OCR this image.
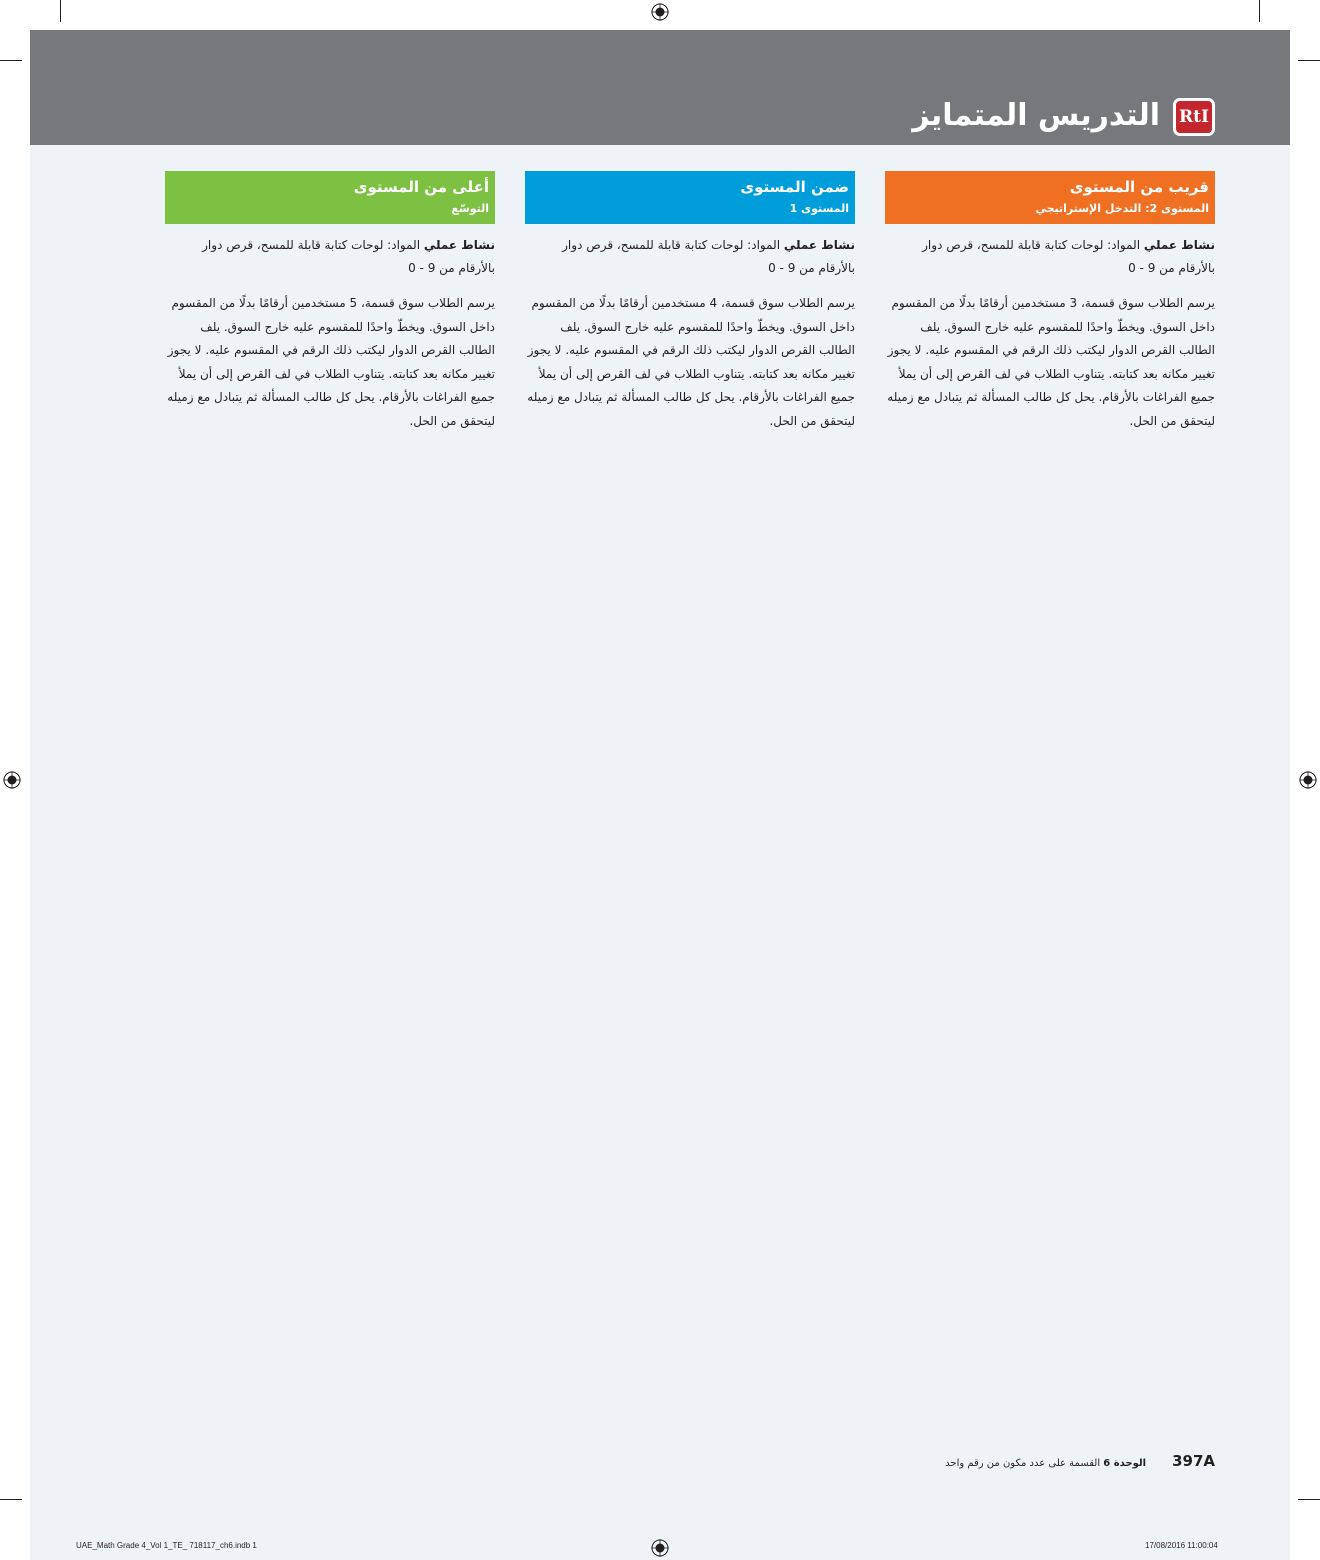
RtI
التدريس المتمايز
قريب من المستوى
المستوى 2: التدخل الإستراتيجي

نشاط عملي المواد: لوحات كتابة قابلة للمسح، قرص دوار بالأرقام من 9 - 0

يرسم الطلاب سوق قسمة، 3 مستخدمين أرقامًا بدلًا من المقسوم داخل السوق. ويخطّ واحدًا للمقسوم عليه خارج السوق. يلف الطالب القرص الدوار ليكتب ذلك الرقم في المقسوم عليه. لا يجوز تغيير مكانه بعد كتابته. يتناوب الطلاب في لف القرص إلى أن يملأ جميع الفراغات بالأرقام. يحل كل طالب المسألة ثم يتبادل مع زميله ليتحقق من الحل.

ضمن المستوى
المستوى 1

نشاط عملي المواد: لوحات كتابة قابلة للمسح، قرص دوار بالأرقام من 9 - 0

يرسم الطلاب سوق قسمة، 4 مستخدمين أرقامًا بدلًا من المقسوم داخل السوق. ويخطّ واحدًا للمقسوم عليه خارج السوق. يلف الطالب القرص الدوار ليكتب ذلك الرقم في المقسوم عليه. لا يجوز تغيير مكانه بعد كتابته. يتناوب الطلاب في لف القرص إلى أن يملأ جميع الفراغات بالأرقام. يحل كل طالب المسألة ثم يتبادل مع زميله ليتحقق من الحل.

أعلى من المستوى
التوسّع

نشاط عملي المواد: لوحات كتابة قابلة للمسح، قرص دوار بالأرقام من 9 - 0

يرسم الطلاب سوق قسمة، 5 مستخدمين أرقامًا بدلًا من المقسوم داخل السوق. ويخطّ واحدًا للمقسوم عليه خارج السوق. يلف الطالب القرص الدوار ليكتب ذلك الرقم في المقسوم عليه. لا يجوز تغيير مكانه بعد كتابته. يتناوب الطلاب في لف القرص إلى أن يملأ جميع الفراغات بالأرقام. يحل كل طالب المسألة ثم يتبادل مع زميله ليتحقق من الحل.

397Aالوحدة 6 القسمة على عدد مكون من رقم واحد
UAE_Math Grade 4_Vol 1_TE_ 718117_ch6.indb 1	17/08/2016 11:00:04
